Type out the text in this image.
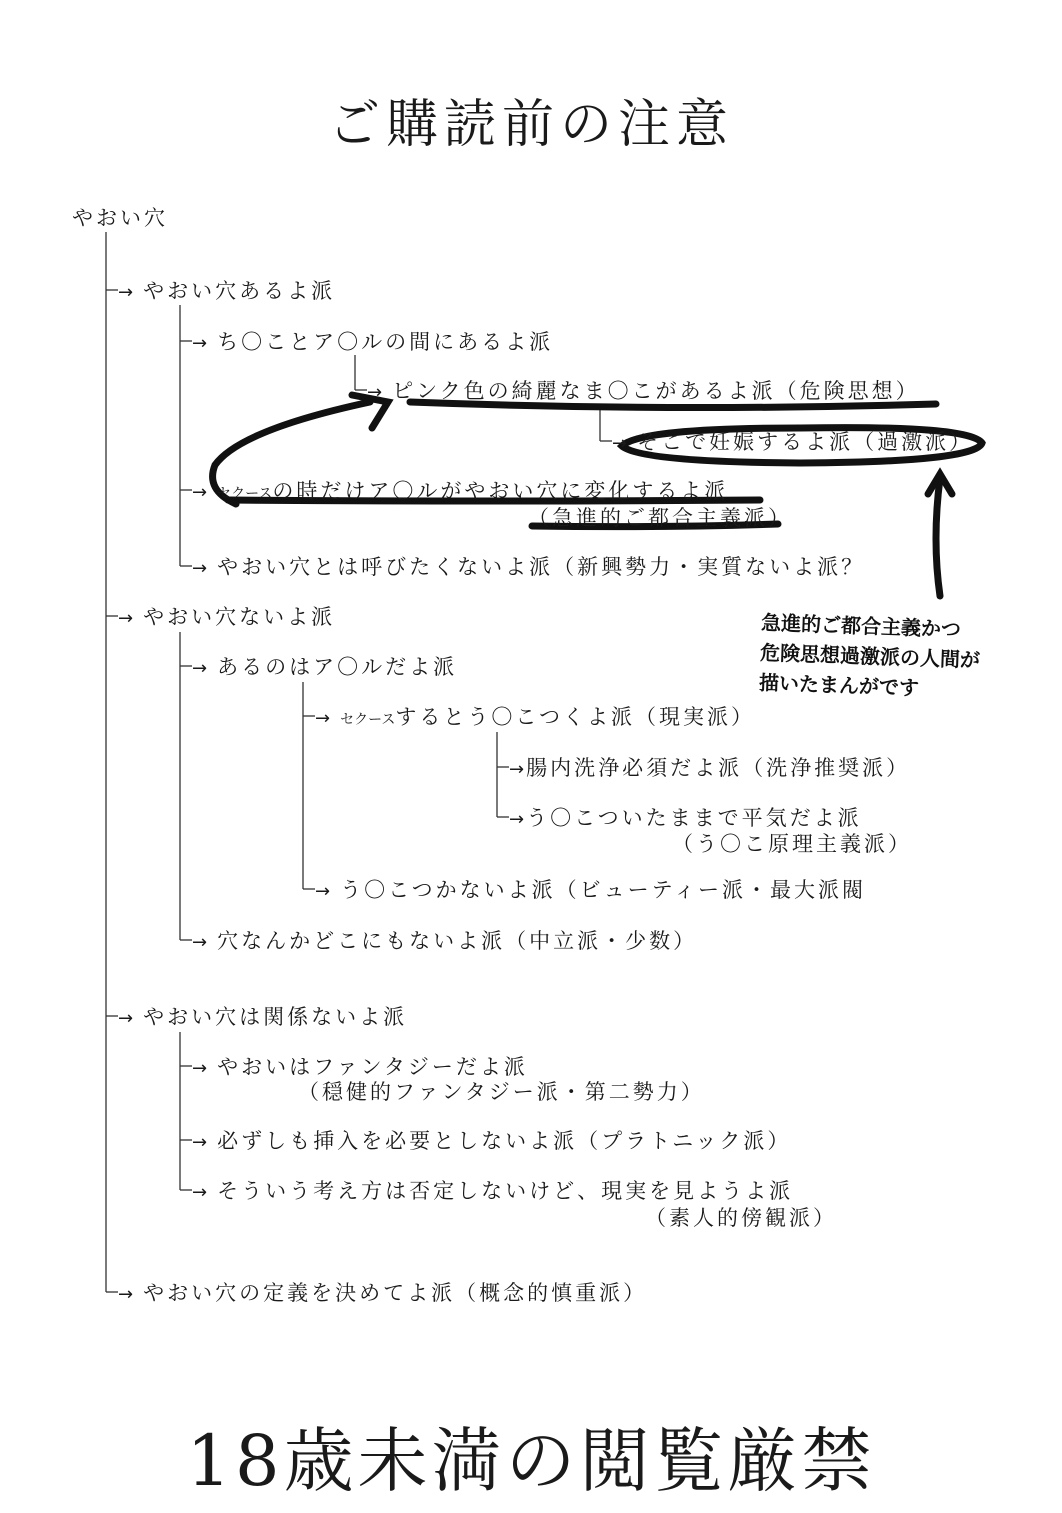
ご購読前の注意
やおい穴
→ やおい穴あるよ派
→ ち〇ことア〇ルの間にあるよ派
→ ピンク色の綺麗なま〇こがあるよ派（危険思想）
→ そこで妊娠するよ派（過激派）
→ セクースの時だけア〇ルがやおい穴に変化するよ派
（急進的ご都合主義派）
→ やおい穴とは呼びたくないよ派（新興勢力・実質ないよ派？
→ やおい穴ないよ派
→ あるのはア〇ルだよ派
→ セクースするとう〇こつくよ派（現実派）
→腸内洗浄必須だよ派（洗浄推奨派）
→う〇こついたままで平気だよ派
（う〇こ原理主義派）
→ う〇こつかないよ派（ビューティー派・最大派閥
→ 穴なんかどこにもないよ派（中立派・少数）
→ やおい穴は関係ないよ派
→ やおいはファンタジーだよ派
（穏健的ファンタジー派・第二勢力）
→ 必ずしも挿入を必要としないよ派（プラトニック派）
→ そういう考え方は否定しないけど、現実を見ようよ派
（素人的傍観派）
→ やおい穴の定義を決めてよ派（概念的慎重派）
急進的ご都合主義かつ
危険思想過激派の人間が
描いたまんがです
18歳未満の閲覧厳禁
